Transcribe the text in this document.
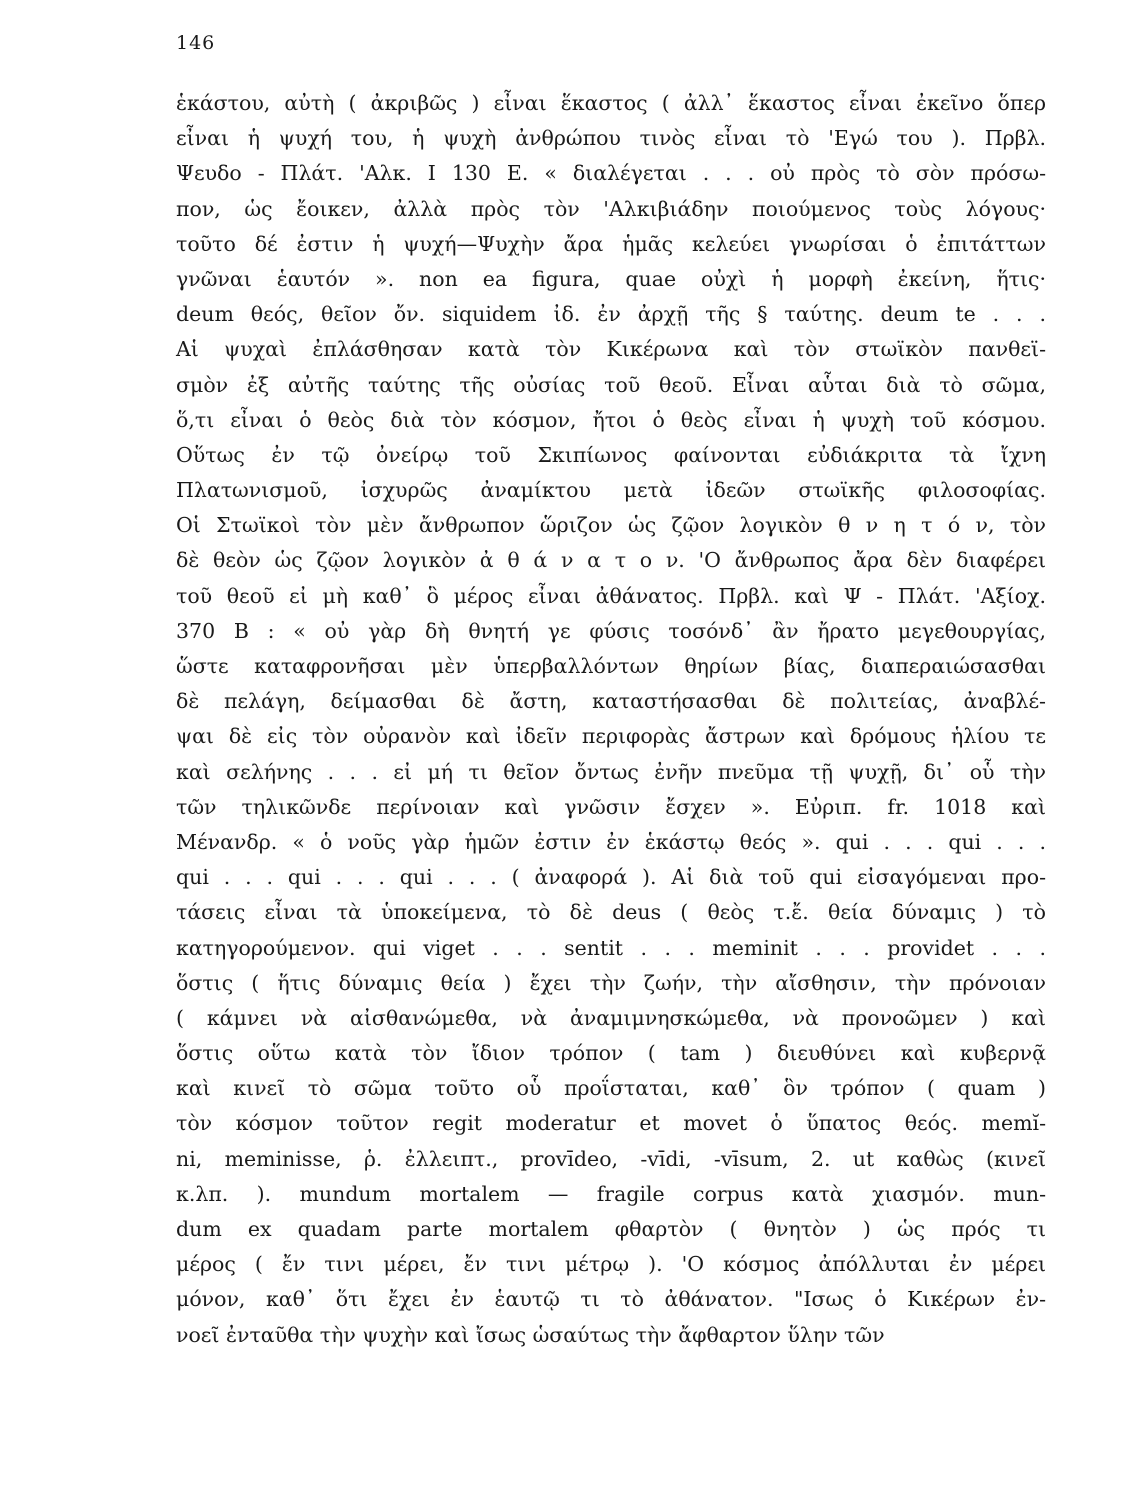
146
ἑκάστου, αὐτὴ ( ἀκριβῶς ) εἶναι ἕκαστος ( ἀλλ᾿ ἕκαστος εἶναι ἐκεῖνο ὅπερ
εἶναι ἡ ψυχή του, ἡ ψυχὴ ἀνθρώπου τινὸς εἶναι τὸ 'Εγώ του ). Πρβλ.
Ψευδο - Πλάτ. 'Αλκ. Ι 130 Ε. « διαλέγεται . . . οὐ πρὸς τὸ σὸν πρόσω-
πον, ὡς ἔοικεν, ἀλλὰ πρὸς τὸν 'Αλκιβιάδην ποιούμενος τοὺς λόγους·
τοῦτο δέ ἐστιν ἡ ψυχή—Ψυχὴν ἄρα ἡμᾶς κελεύει γνωρίσαι ὁ ἐπιτάττων
γνῶναι ἑαυτόν ». non ea figura, quae οὐχὶ ἡ μορφὴ ἐκείνη, ἥτις·
deum θεός, θεῖον ὄν. siquidem ἰδ. ἐν ἀρχῇ τῆς § ταύτης. deum te . . .
Αἱ ψυχαὶ ἐπλάσθησαν κατὰ τὸν Κικέρωνα καὶ τὸν στωϊκὸν πανθεϊ-
σμὸν ἐξ αὐτῆς ταύτης τῆς οὐσίας τοῦ θεοῦ. Εἶναι αὗται διὰ τὸ σῶμα,
ὅ,τι εἶναι ὁ θεὸς διὰ τὸν κόσμον, ἤτοι ὁ θεὸς εἶναι ἡ ψυχὴ τοῦ κόσμου.
Οὕτως ἐν τῷ ὀνείρῳ τοῦ Σκιπίωνος φαίνονται εὐδιάκριτα τὰ ἴχνη
Πλατωνισμοῦ, ἰσχυρῶς ἀναμίκτου μετὰ ἰδεῶν στωϊκῆς φιλοσοφίας.
Οἱ Στωϊκοὶ τὸν μὲν ἄνθρωπον ὥριζον ὡς ζῷον λογικὸν θ ν η τ ό ν, τὸν
δὲ θεὸν ὡς ζῷον λογικὸν ἀ θ ά ν α τ ο ν. 'Ο ἄνθρωπος ἄρα δὲν διαφέρει
τοῦ θεοῦ εἰ μὴ καθ᾿ ὃ μέρος εἶναι ἀθάνατος. Πρβλ. καὶ Ψ - Πλάτ. 'Αξίοχ.
370 Β : « οὐ γὰρ δὴ θνητή γε φύσις τοσόνδ᾿ ἂν ἤρατο μεγεθουργίας,
ὥστε καταφρονῆσαι μὲν ὑπερβαλλόντων θηρίων βίας, διαπεραιώσασθαι
δὲ πελάγη, δείμασθαι δὲ ἄστη, καταστήσασθαι δὲ πολιτείας, ἀναβλέ-
ψαι δὲ εἰς τὸν οὐρανὸν καὶ ἰδεῖν περιφορὰς ἄστρων καὶ δρόμους ἡλίου τε
καὶ σελήνης . . . εἰ μή τι θεῖον ὄντως ἐνῆν πνεῦμα τῇ ψυχῇ, δι᾿ οὗ τὴν
τῶν τηλικῶνδε περίνοιαν καὶ γνῶσιν ἔσχεν ». Εὐριπ. fr. 1018 καὶ
Μένανδρ. « ὁ νοῦς γὰρ ἡμῶν ἐστιν ἐν ἑκάστῳ θεός ». qui . . . qui . . .
qui . . . qui . . . qui . . . ( ἀναφορά ). Αἱ διὰ τοῦ qui εἰσαγόμεναι προ-
τάσεις εἶναι τὰ ὑποκείμενα, τὸ δὲ deus ( θεὸς τ.ἔ. θεία δύναμις ) τὸ
κατηγορούμενον. qui viget . . . sentit . . . meminit . . . providet . . .
ὅστις ( ἥτις δύναμις θεία ) ἔχει τὴν ζωήν, τὴν αἴσθησιν, τὴν πρόνοιαν
( κάμνει νὰ αἰσθανώμεθα, νὰ ἀναμιμνησκώμεθα, νὰ προνοῶμεν ) καὶ
ὅστις οὕτω κατὰ τὸν ἴδιον τρόπον ( tam ) διευθύνει καὶ κυβερνᾷ
καὶ κινεῖ τὸ σῶμα τοῦτο οὗ προΐσταται, καθ᾿ ὃν τρόπον ( quam )
τὸν κόσμον τοῦτον regit moderatur et movet ὁ ὕπατος θεός. memĭ-
ni, meminisse, ῥ. ἐλλειπτ., provīdeo, -vīdi, -vīsum, 2. ut καθὼς (κινεῖ
κ.λπ. ). mundum mortalem — fragile corpus κατὰ χιασμόν. mun-
dum ex quadam parte mortalem φθαρτὸν ( θνητὸν ) ὡς πρός τι
μέρος ( ἔν τινι μέρει, ἔν τινι μέτρῳ ). 'Ο κόσμος ἀπόλλυται ἐν μέρει
μόνον, καθ᾿ ὅτι ἔχει ἐν ἑαυτῷ τι τὸ ἀθάνατον. "Ισως ὁ Κικέρων ἐν-
νοεῖ ἐνταῦθα τὴν ψυχὴν καὶ ἴσως ὡσαύτως τὴν ἄφθαρτον ὕλην τῶν
